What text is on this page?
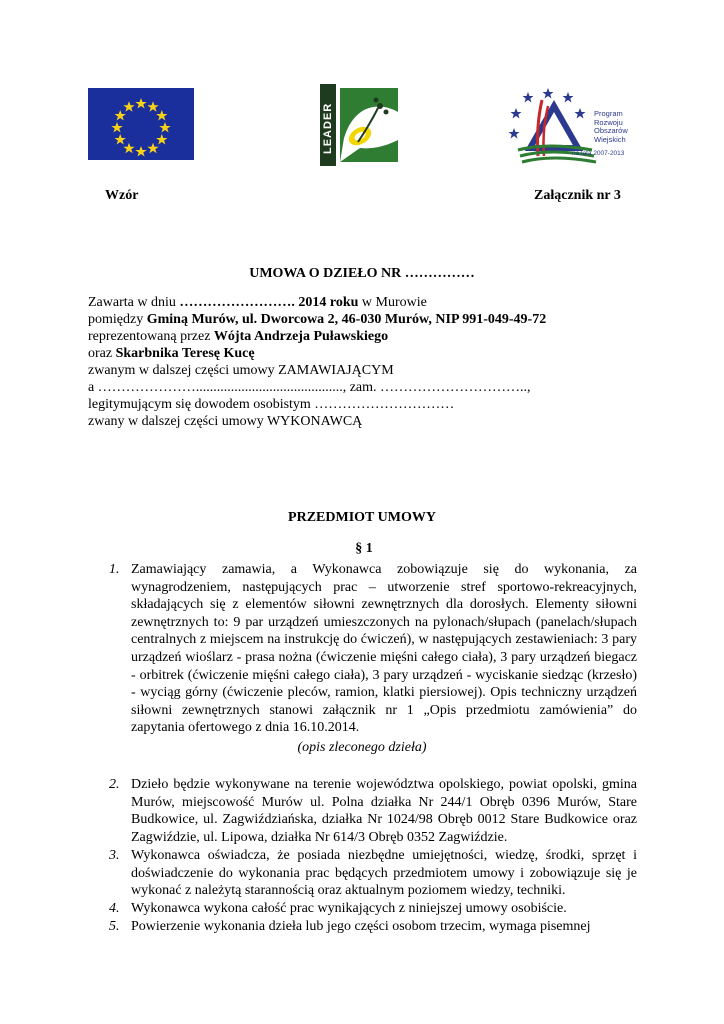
LEADER	Program
Rozwoju
Obszarów
Wiejskich
na lata 2007-2013
Wzór	Załącznik nr 3
UMOWA O DZIEŁO NR ……………
Zawarta w dniu ……………………. 2014 roku w Murowie
pomiędzy Gminą Murów, ul. Dworcowa 2, 46-030 Murów, NIP 991-049-49-72
reprezentowaną przez Wójta Andrzeja Puławskiego
oraz Skarbnika Teresę Kucę
zwanym w dalszej części umowy ZAMAWIAJĄCYM
a ………………….........................................., zam. …………………………..,
legitymującym się dowodem osobistym …………………………
zwany w dalszej części umowy WYKONAWCĄ
PRZEDMIOT UMOWY
§ 1
1. Zamawiający zamawia, a Wykonawca zobowiązuje się do wykonania, za wynagrodzeniem, następujących prac – utworzenie stref sportowo-rekreacyjnych, składających się z elementów siłowni zewnętrznych dla dorosłych. Elementy siłowni zewnętrznych to: 9 par urządzeń umieszczonych na pylonach/słupach (panelach/słupach centralnych z miejscem na instrukcję do ćwiczeń), w następujących zestawieniach: 3 pary urządzeń wioślarz - prasa nożna (ćwiczenie mięśni całego ciała), 3 pary urządzeń biegacz - orbitrek (ćwiczenie mięśni całego ciała), 3 pary urządzeń - wyciskanie siedząc (krzesło) - wyciąg górny (ćwiczenie pleców, ramion, klatki piersiowej). Opis techniczny urządzeń siłowni zewnętrznych stanowi załącznik nr 1 „Opis przedmiotu zamówienia” do zapytania ofertowego z dnia 16.10.2014.
(opis zleconego dzieła)
2. Dzieło będzie wykonywane na terenie województwa opolskiego, powiat opolski, gmina Murów, miejscowość Murów ul. Polna działka Nr 244/1 Obręb 0396 Murów, Stare Budkowice, ul. Zagwiździańska, działka Nr 1024/98 Obręb 0012 Stare Budkowice oraz Zagwiździe, ul. Lipowa, działka Nr 614/3 Obręb 0352 Zagwiździe.
3. Wykonawca oświadcza, że posiada niezbędne umiejętności, wiedzę, środki, sprzęt i doświadczenie do wykonania prac będących przedmiotem umowy i zobowiązuje się je wykonać z należytą starannością oraz aktualnym poziomem wiedzy, techniki.
4. Wykonawca wykona całość prac wynikających z niniejszej umowy osobiście.
5. Powierzenie wykonania dzieła lub jego części osobom trzecim, wymaga pisemnej
